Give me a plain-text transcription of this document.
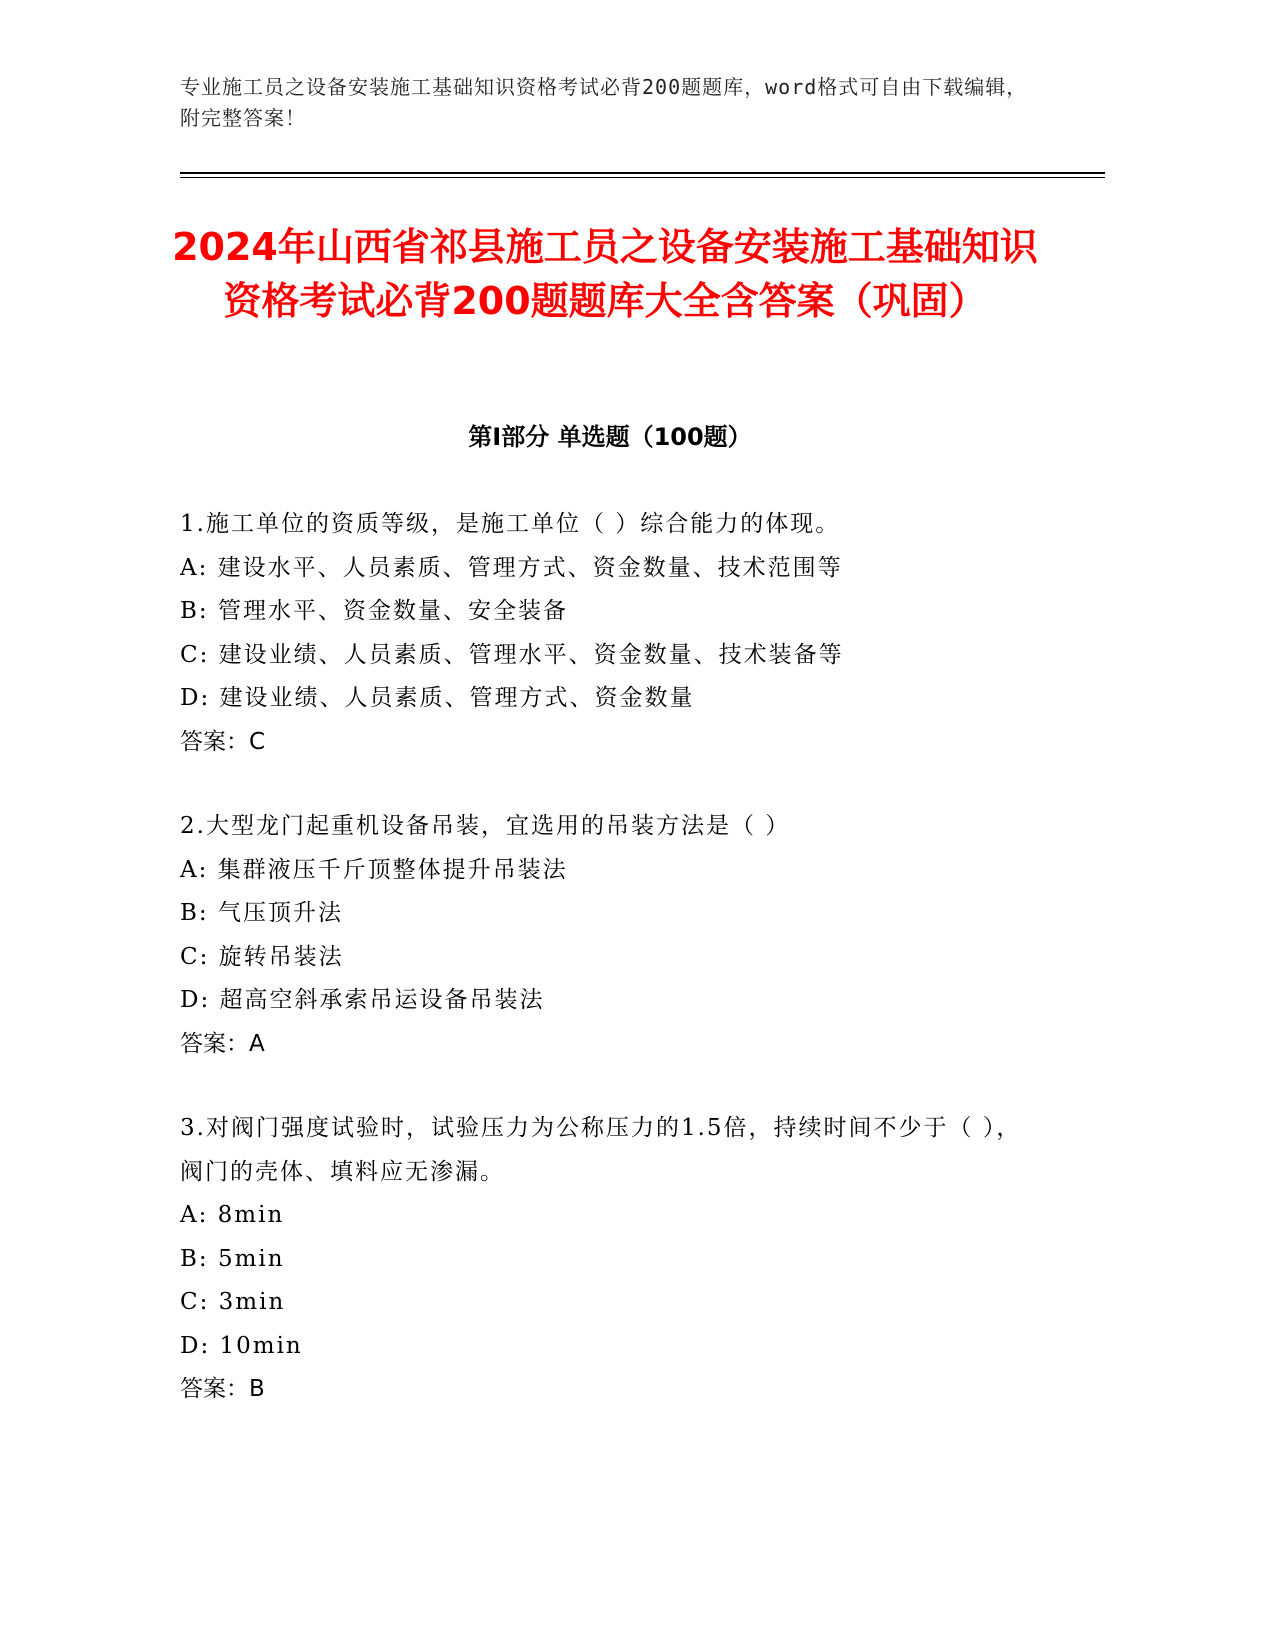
专业施工员之设备安装施工基础知识资格考试必背200题题库，word格式可自由下载编辑，附完整答案！
2024年山西省祁县施工员之设备安装施工基础知识资格考试必背200题题库大全含答案（巩固）
第Ⅰ部分 单选题（100题）
1.施工单位的资质等级，是施工单位（ ）综合能力的体现。
A: 建设水平、人员素质、管理方式、资金数量、技术范围等
B: 管理水平、资金数量、安全装备
C: 建设业绩、人员素质、管理水平、资金数量、技术装备等
D: 建设业绩、人员素质、管理方式、资金数量
答案：C
2.大型龙门起重机设备吊装，宜选用的吊装方法是（ ）
A: 集群液压千斤顶整体提升吊装法
B: 气压顶升法
C: 旋转吊装法
D: 超高空斜承索吊运设备吊装法
答案：A
3.对阀门强度试验时，试验压力为公称压力的1.5倍，持续时间不少于（ ），阀门的壳体、填料应无渗漏。
A: 8min
B: 5min
C: 3min
D: 10min
答案：B
